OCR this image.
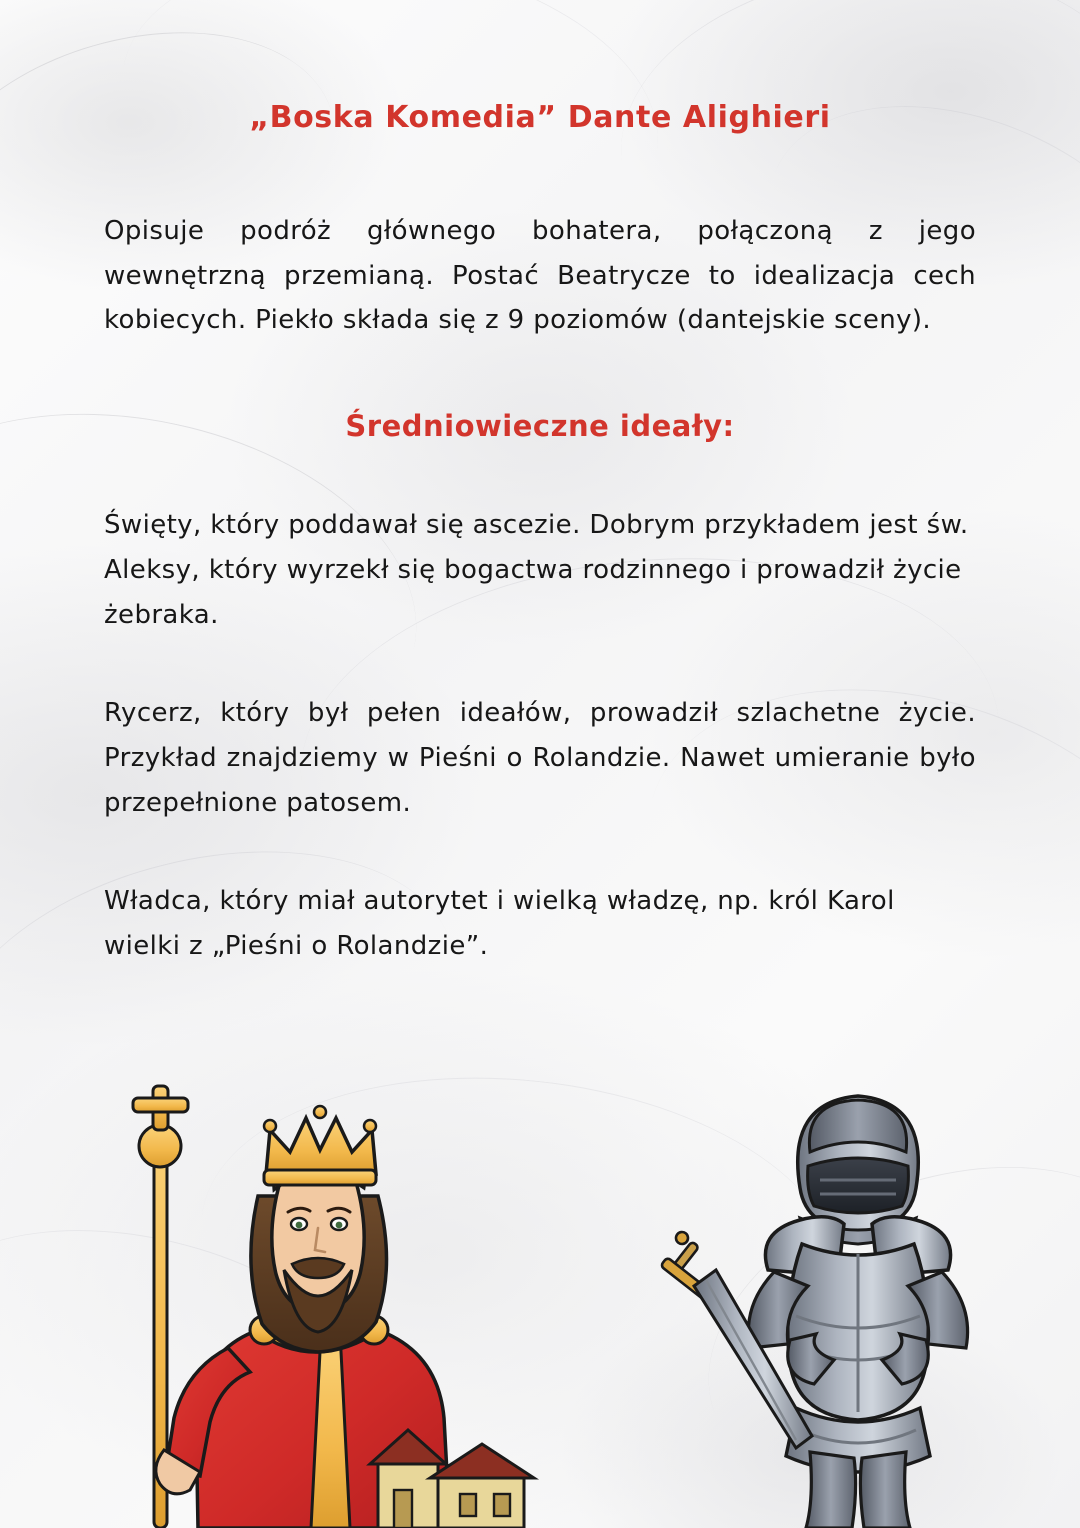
„Boska Komedia” Dante Alighieri

Opisuje podróż głównego bohatera, połączoną z jego wewnętrzną przemianą. Postać Beatrycze to idealizacja cech kobiecych. Piekło składa się z 9 poziomów (dantejskie sceny).

Średniowieczne ideały:

Święty, który poddawał się ascezie. Dobrym przykładem jest św. Aleksy, który wyrzekł się bogactwa rodzinnego i prowadził życie żebraka.

Rycerz, który był pełen ideałów, prowadził szlachetne życie. Przykład znajdziemy w Pieśni o Rolandzie. Nawet umieranie było przepełnione patosem.

Władca, który miał autorytet i wielką władzę, np. król Karol wielki z „Pieśni o Rolandzie”.
